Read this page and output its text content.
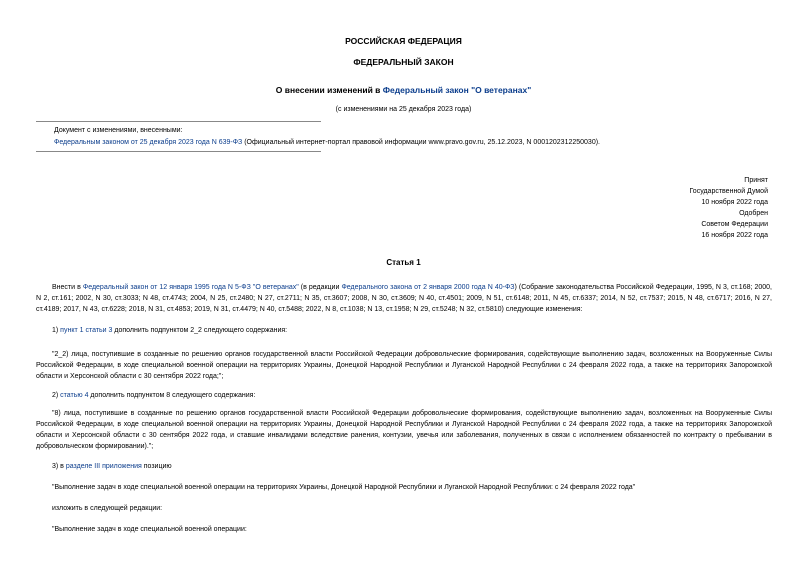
РОССИЙСКАЯ ФЕДЕРАЦИЯ
ФЕДЕРАЛЬНЫЙ ЗАКОН
О внесении изменений в Федеральный закон "О ветеранах"
(с изменениями на 25 декабря 2023 года)
Документ с изменениями, внесенными:
Федеральным законом от 25 декабря 2023 года N 639-ФЗ (Официальный интернет-портал правовой информации www.pravo.gov.ru, 25.12.2023, N 0001202312250030).
Принят
Государственной Думой
10 ноября 2022 года
Одобрен
Советом Федерации
16 ноября 2022 года
Статья 1
Внести в Федеральный закон от 12 января 1995 года N 5-ФЗ "О ветеранах" (в редакции Федерального закона от 2 января 2000 года N 40-ФЗ) (Собрание законодательства Российской Федерации, 1995, N 3, ст.168; 2000, N 2, ст.161; 2002, N 30, ст.3033; N 48, ст.4743; 2004, N 25, ст.2480; N 27, ст.2711; N 35, ст.3607; 2008, N 30, ст.3609; N 40, ст.4501; 2009, N 51, ст.6148; 2011, N 45, ст.6337; 2014, N 52, ст.7537; 2015, N 48, ст.6717; 2016, N 27, ст.4189; 2017, N 43, ст.6228; 2018, N 31, ст.4853; 2019, N 31, ст.4479; N 40, ст.5488; 2022, N 8, ст.1038; N 13, ст.1958; N 29, ст.5248; N 32, ст.5810) следующие изменения:
1) пункт 1 статьи 3 дополнить подпунктом 2_2 следующего содержания:
"2_2) лица, поступившие в созданные по решению органов государственной власти Российской Федерации добровольческие формирования, содействующие выполнению задач, возложенных на Вооруженные Силы Российской Федерации, в ходе специальной военной операции на территориях Украины, Донецкой Народной Республики и Луганской Народной Республики с 24 февраля 2022 года, а также на территориях Запорожской области и Херсонской области с 30 сентября 2022 года;";
2) статью 4 дополнить подпунктом 8 следующего содержания:
"8) лица, поступившие в созданные по решению органов государственной власти Российской Федерации добровольческие формирования, содействующие выполнению задач, возложенных на Вооруженные Силы Российской Федерации, в ходе специальной военной операции на территориях Украины, Донецкой Народной Республики и Луганской Народной Республики с 24 февраля 2022 года, а также на территориях Запорожской области и Херсонской области с 30 сентября 2022 года, и ставшие инвалидами вследствие ранения, контузии, увечья или заболевания, полученных в связи с исполнением обязанностей по контракту о пребывании в добровольческом формировании).";
3) в разделе III приложения позицию
"Выполнение задач в ходе специальной военной операции на территориях Украины, Донецкой Народной Республики и Луганской Народной Республики: с 24 февраля 2022 года"
изложить в следующей редакции:
"Выполнение задач в ходе специальной военной операции:
